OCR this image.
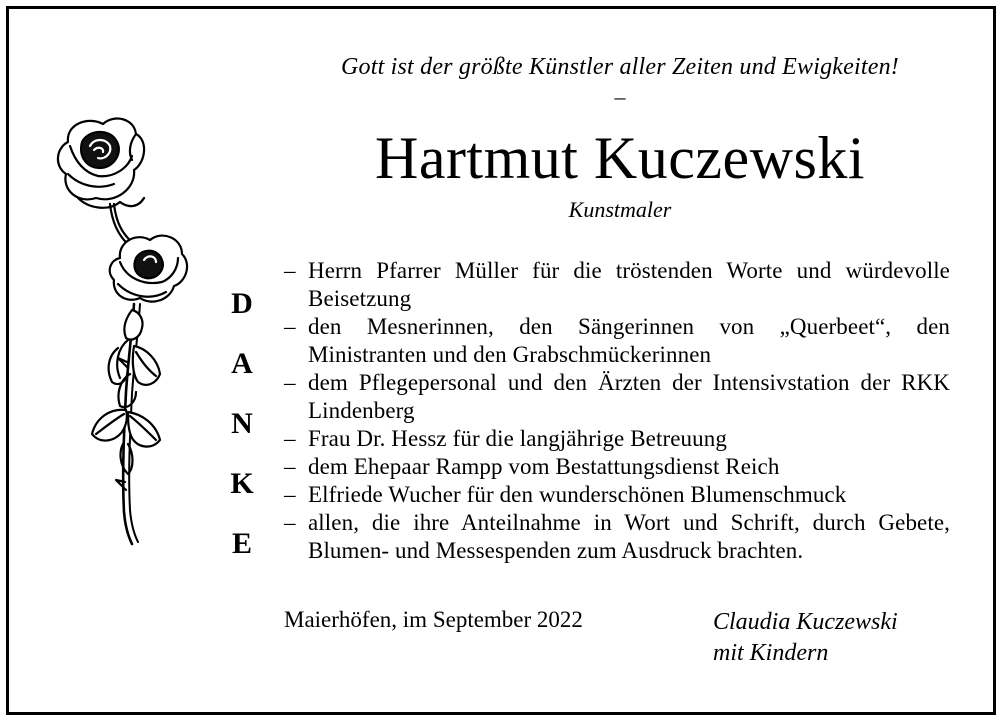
Gott ist der größte Künstler aller Zeiten und Ewigkeiten!
–
Hartmut Kuczewski
Kunstmaler
D
A
N
K
E
– Herrn Pfarrer Müller für die tröstenden Worte und würdevolle Beisetzung
– den Mesnerinnen, den Sängerinnen von „Querbeet“, den Ministranten und den Grabschmückerinnen
– dem Pflegepersonal und den Ärzten der Intensivstation der RKK Lindenberg
– Frau Dr. Hessz für die langjährige Betreuung
– dem Ehepaar Rampp vom Bestattungsdienst Reich
– Elfriede Wucher für den wunderschönen Blumenschmuck
– allen, die ihre Anteilnahme in Wort und Schrift, durch Gebete, Blumen- und Messespenden zum Ausdruck brachten.
Maierhöfen, im September 2022	Claudia Kuczewski
mit Kindern
